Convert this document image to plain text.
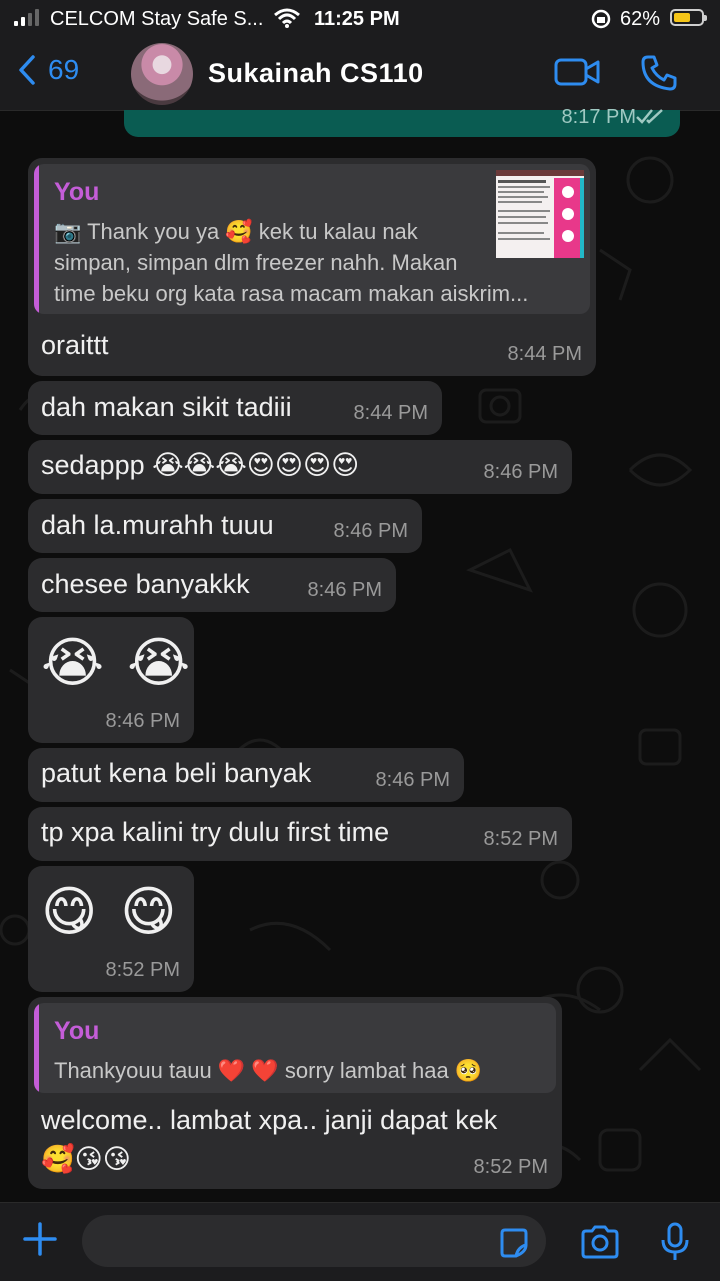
CELCOM Stay Safe S...	11:25 PM	62%
69	Sukainah CS110
8:17 PM
You
📷 Thank you ya 🥰 kek tu kalau nak
simpan, simpan dlm freezer nahh. Makan
time beku org kata rasa macam makan aiskrim...
oraittt	8:44 PM
dah makan sikit tadiii	8:44 PM
sedappp 😭😭😭😍😍😍😍	8:46 PM
dah la.murahh tuuu	8:46 PM
chesee banyakkk	8:46 PM
😭 😭
8:46 PM
patut kena beli banyak	8:46 PM
tp xpa kalini try dulu first time	8:52 PM
😋 😋
8:52 PM
You
Thankyouu tauu ❤️ ❤️ sorry lambat haa 🥺
welcome.. lambat xpa.. janji dapat kek
🥰😘😘	8:52 PM
